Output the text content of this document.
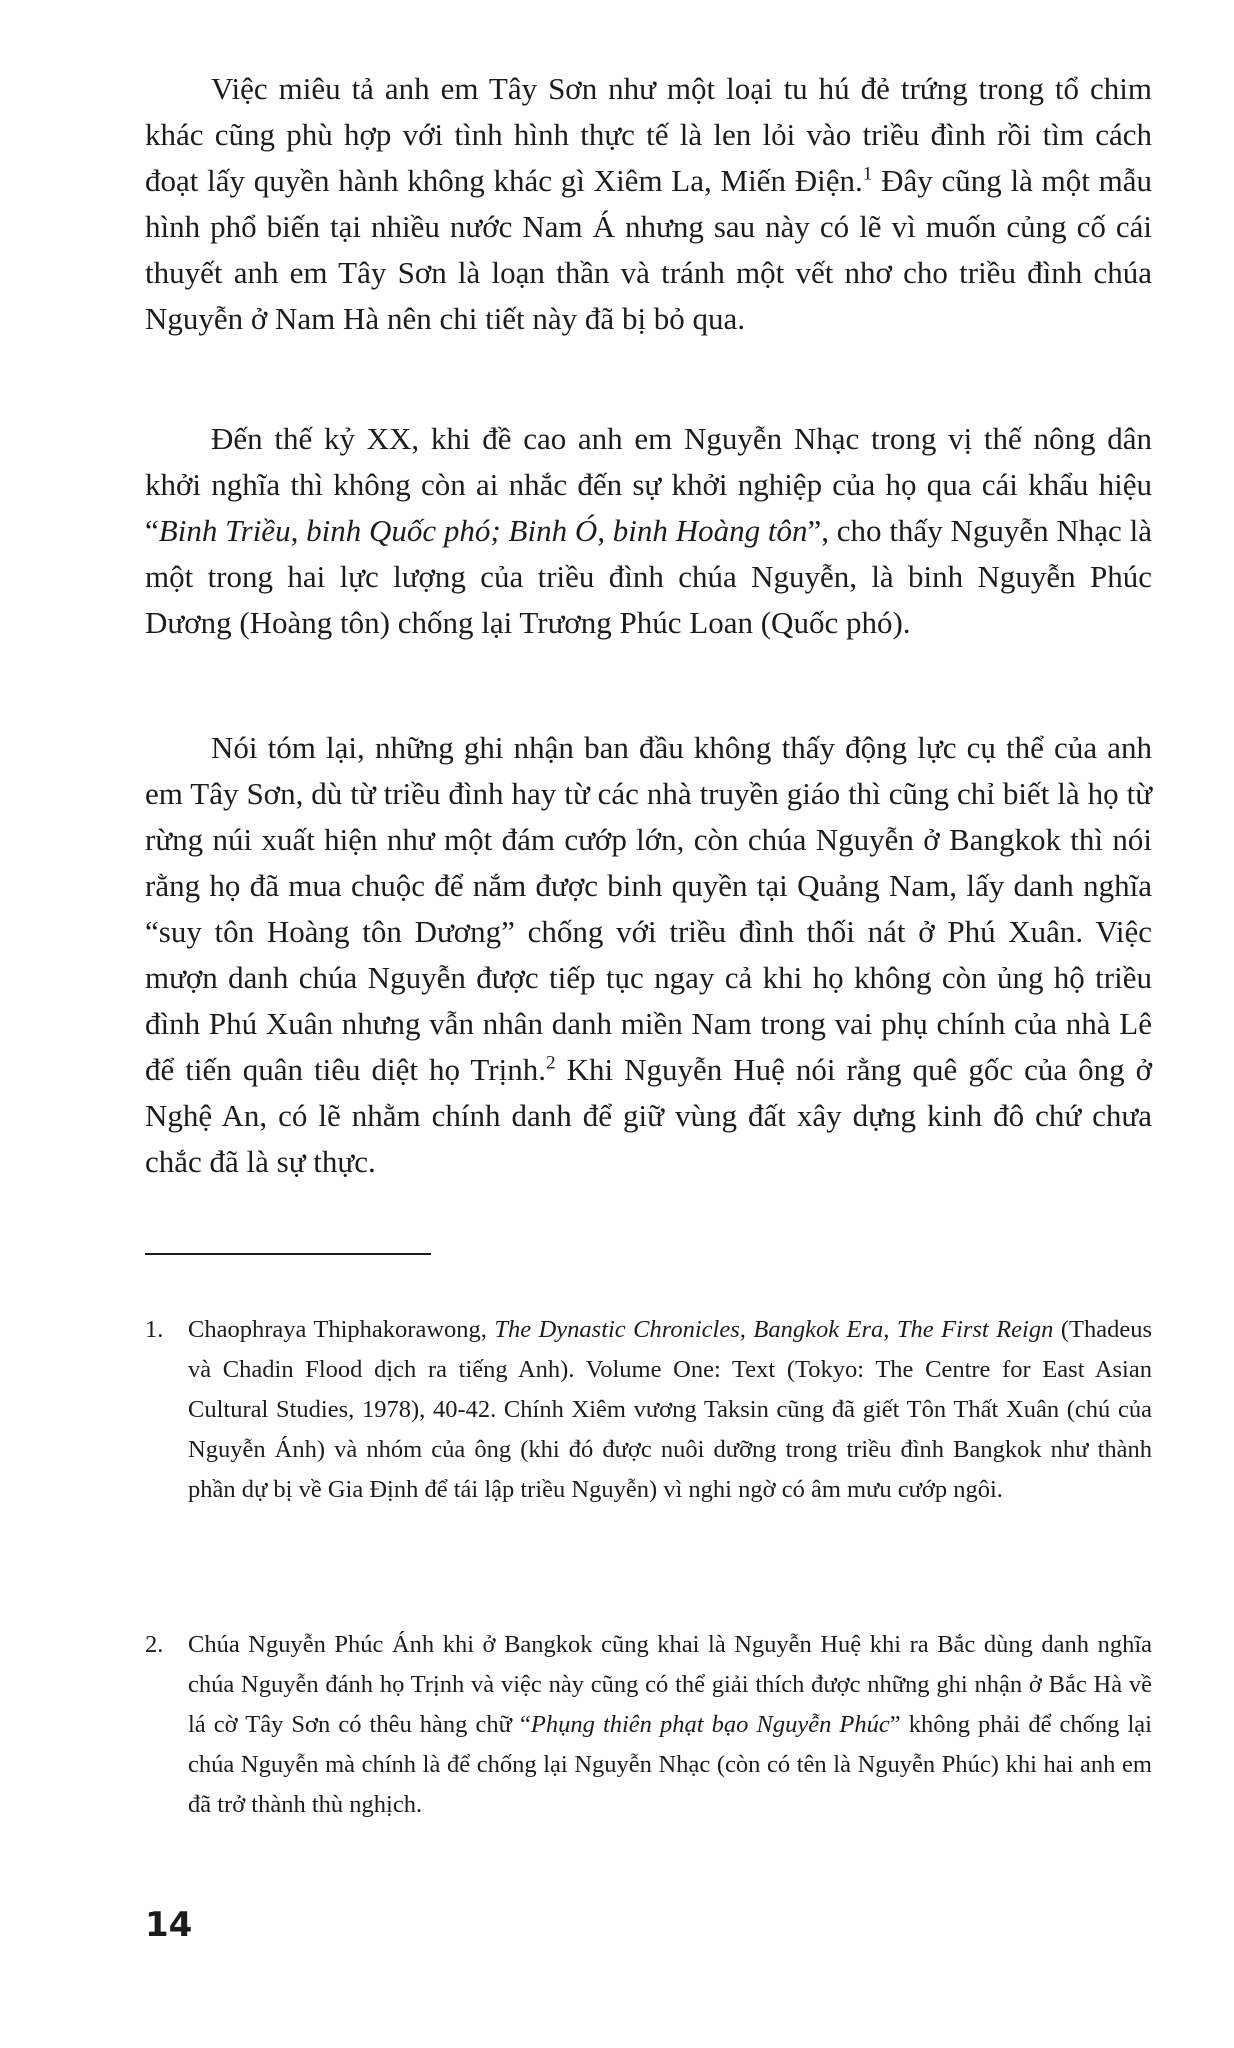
Việc miêu tả anh em Tây Sơn như một loại tu hú đẻ trứng trong tổ chim khác cũng phù hợp với tình hình thực tế là len lỏi vào triều đình rồi tìm cách đoạt lấy quyền hành không khác gì Xiêm La, Miến Điện.$^1$ Đây cũng là một mẫu hình phổ biến tại nhiều nước Nam Á nhưng sau này có lẽ vì muốn củng cố cái thuyết anh em Tây Sơn là loạn thần và tránh một vết nhơ cho triều đình chúa Nguyễn ở Nam Hà nên chi tiết này đã bị bỏ qua.

Đến thế kỷ XX, khi đề cao anh em Nguyễn Nhạc trong vị thế nông dân khởi nghĩa thì không còn ai nhắc đến sự khởi nghiệp của họ qua cái khẩu hiệu “Binh Triều, binh Quốc phó; Binh Ó, binh Hoàng tôn”, cho thấy Nguyễn Nhạc là một trong hai lực lượng của triều đình chúa Nguyễn, là binh Nguyễn Phúc Dương (Hoàng tôn) chống lại Trương Phúc Loan (Quốc phó).

Nói tóm lại, những ghi nhận ban đầu không thấy động lực cụ thể của anh em Tây Sơn, dù từ triều đình hay từ các nhà truyền giáo thì cũng chỉ biết là họ từ rừng núi xuất hiện như một đám cướp lớn, còn chúa Nguyễn ở Bangkok thì nói rằng họ đã mua chuộc để nắm được binh quyền tại Quảng Nam, lấy danh nghĩa “suy tôn Hoàng tôn Dương” chống với triều đình thối nát ở Phú Xuân. Việc mượn danh chúa Nguyễn được tiếp tục ngay cả khi họ không còn ủng hộ triều đình Phú Xuân nhưng vẫn nhân danh miền Nam trong vai phụ chính của nhà Lê để tiến quân tiêu diệt họ Trịnh.$^2$ Khi Nguyễn Huệ nói rằng quê gốc của ông ở Nghệ An, có lẽ nhằm chính danh để giữ vùng đất xây dựng kinh đô chứ chưa chắc đã là sự thực.

1.	Chaophraya Thiphakorawong, The Dynastic Chronicles, Bangkok Era, The First Reign (Thadeus và Chadin Flood dịch ra tiếng Anh). Volume One: Text (Tokyo: The Centre for East Asian Cultural Studies, 1978), 40-42. Chính Xiêm vương Taksin cũng đã giết Tôn Thất Xuân (chú của Nguyễn Ánh) và nhóm của ông (khi đó được nuôi dưỡng trong triều đình Bangkok như thành phần dự bị về Gia Định để tái lập triều Nguyễn) vì nghi ngờ có âm mưu cướp ngôi.
2.	Chúa Nguyễn Phúc Ánh khi ở Bangkok cũng khai là Nguyễn Huệ khi ra Bắc dùng danh nghĩa chúa Nguyễn đánh họ Trịnh và việc này cũng có thể giải thích được những ghi nhận ở Bắc Hà về lá cờ Tây Sơn có thêu hàng chữ “Phụng thiên phạt bạo Nguyễn Phúc” không phải để chống lại chúa Nguyễn mà chính là để chống lại Nguyễn Nhạc (còn có tên là Nguyễn Phúc) khi hai anh em đã trở thành thù nghịch.
14
